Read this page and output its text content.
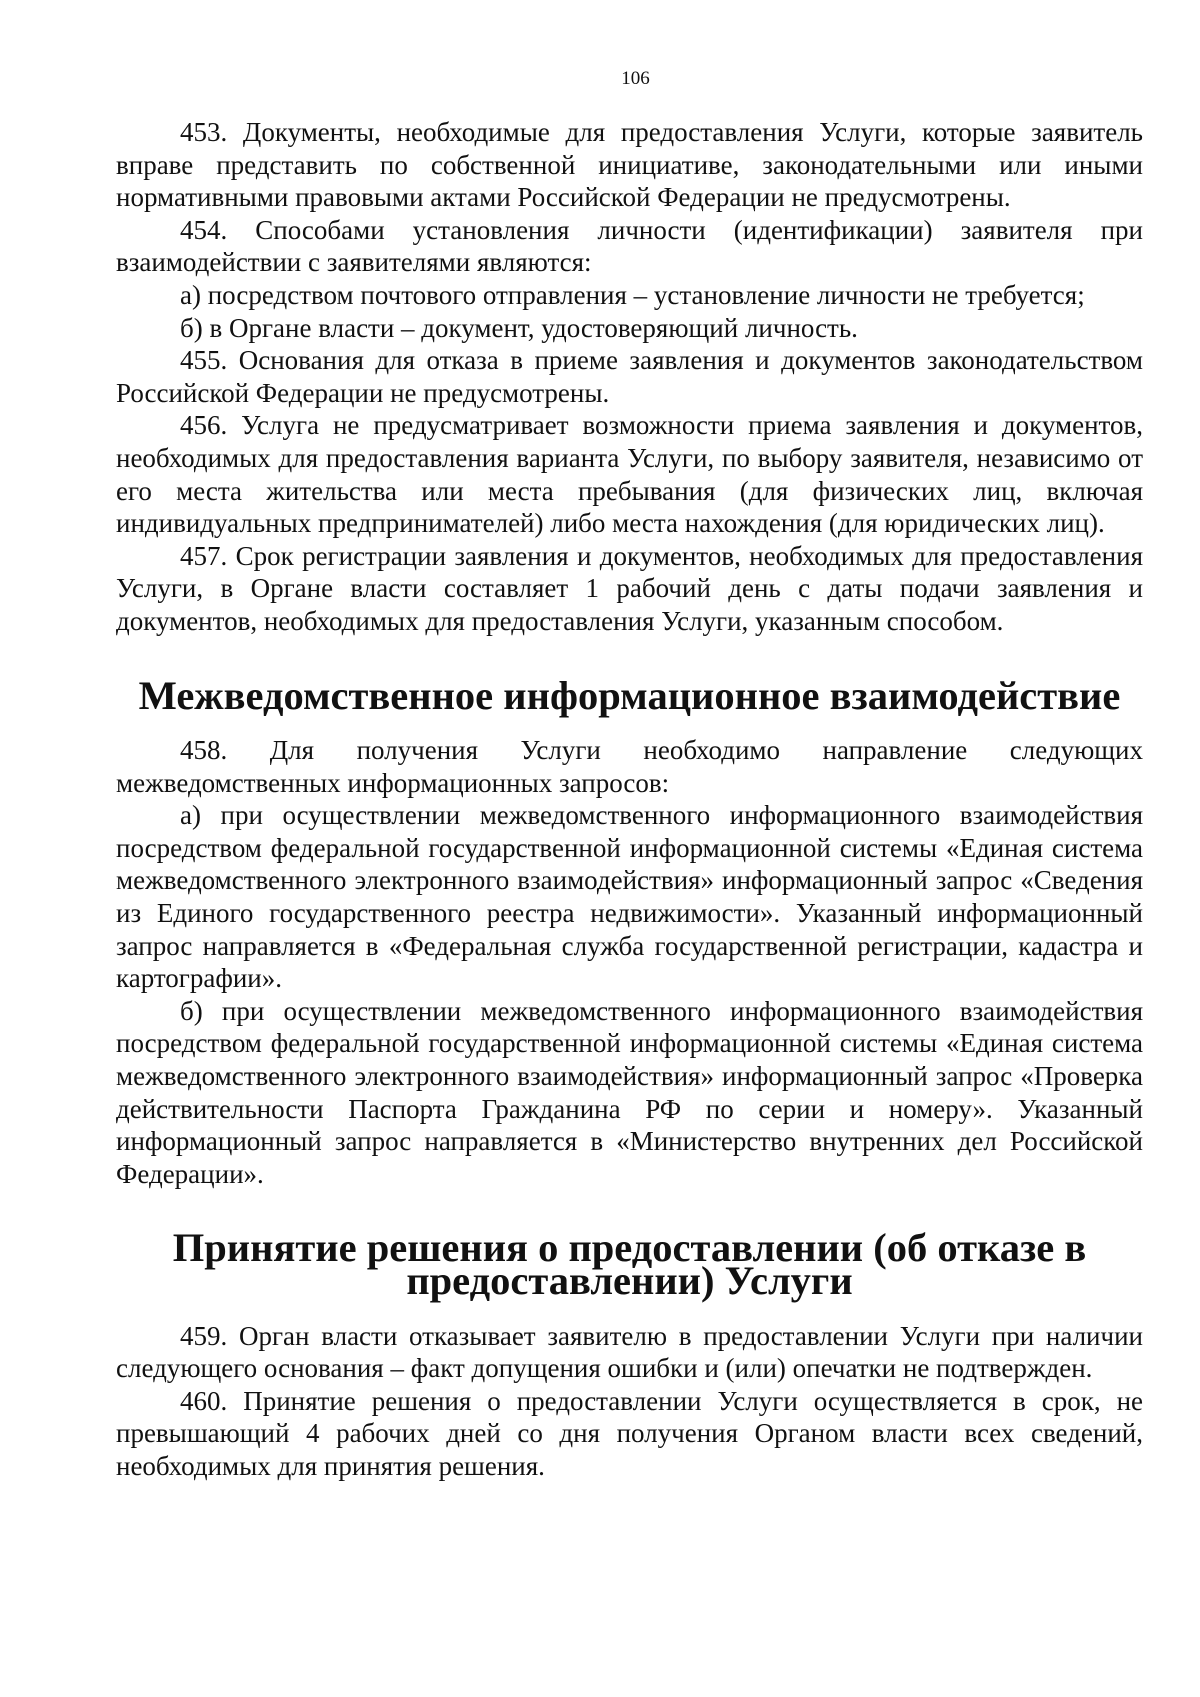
106

453. Документы, необходимые для предоставления Услуги, которые заявитель вправе представить по собственной инициативе, законодательными или иными нормативными правовыми актами Российской Федерации не предусмотрены.

454. Способами установления личности (идентификации) заявителя при взаимодействии с заявителями являются:

а) посредством почтового отправления – установление личности не требуется;

б) в Органе власти – документ, удостоверяющий личность.

455. Основания для отказа в приеме заявления и документов законодательством Российской Федерации не предусмотрены.

456. Услуга не предусматривает возможности приема заявления и документов, необходимых для предоставления варианта Услуги, по выбору заявителя, независимо от его места жительства или места пребывания (для физических лиц, включая индивидуальных предпринимателей) либо места нахождения (для юридических лиц).

457. Срок регистрации заявления и документов, необходимых для предоставления Услуги, в Органе власти составляет 1 рабочий день с даты подачи заявления и документов, необходимых для предоставления Услуги, указанным способом.

Межведомственное информационное взаимодействие

458. Для получения Услуги необходимо направление следующих межведомственных информационных запросов:

а) при осуществлении межведомственного информационного взаимодействия посредством федеральной государственной информационной системы «Единая система межведомственного электронного взаимодействия» информационный запрос «Сведения из Единого государственного реестра недвижимости». Указанный информационный запрос направляется в «Федеральная служба государственной регистрации, кадастра и картографии».

б) при осуществлении межведомственного информационного взаимодействия посредством федеральной государственной информационной системы «Единая система межведомственного электронного взаимодействия» информационный запрос «Проверка действительности Паспорта Гражданина РФ по серии и номеру». Указанный информационный запрос направляется в «Министерство внутренних дел Российской Федерации».

Принятие решения о предоставлении (об отказе в предоставлении) Услуги

459. Орган власти отказывает заявителю в предоставлении Услуги при наличии следующего основания – факт допущения ошибки и (или) опечатки не подтвержден.

460. Принятие решения о предоставлении Услуги осуществляется в срок, не превышающий 4 рабочих дней со дня получения Органом власти всех сведений, необходимых для принятия решения.
